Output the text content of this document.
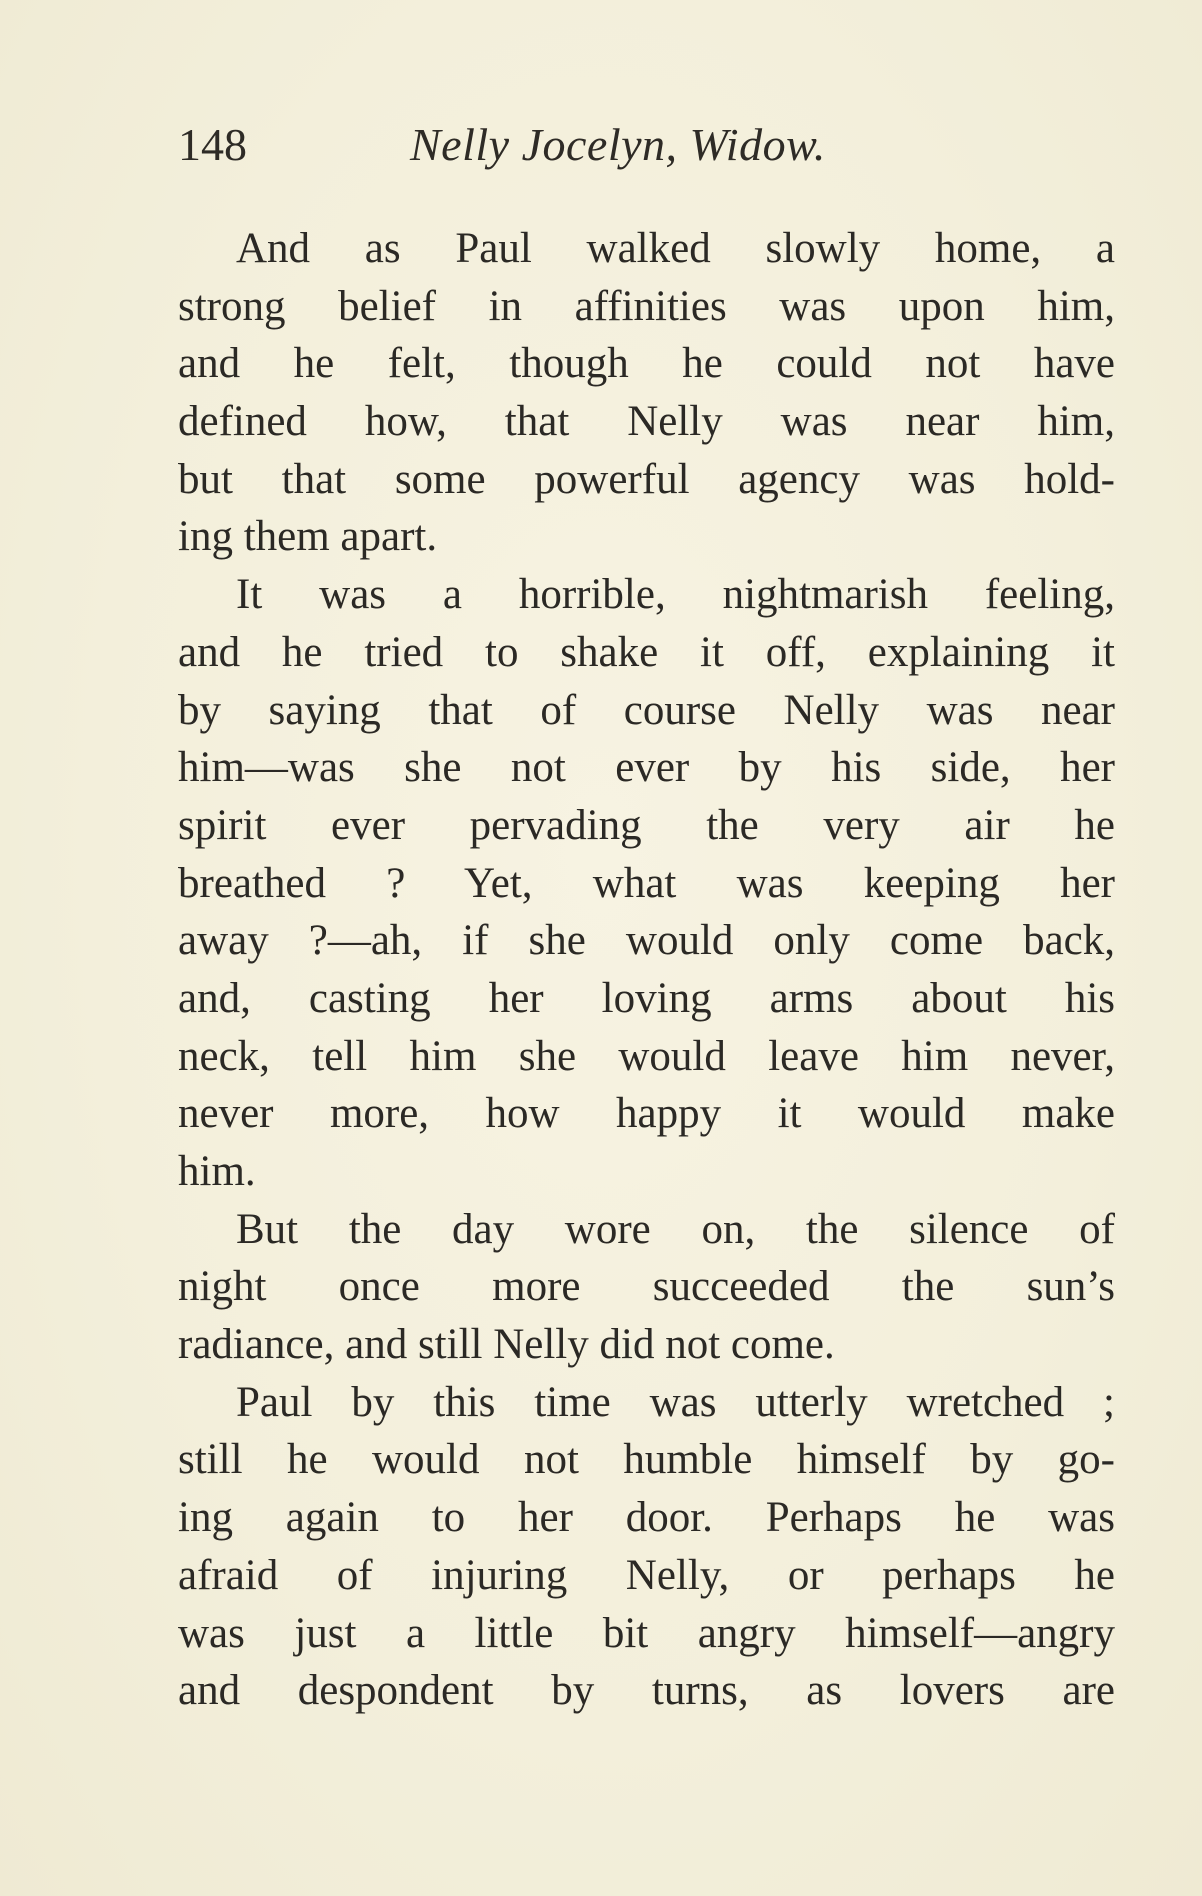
148	Nelly Jocelyn, Widow.
And as Paul walked slowly home, a
strong belief in affinities was upon him,
and he felt, though he could not have
defined how, that Nelly was near him,
but that some powerful agency was hold-
ing them apart.
It was a horrible, nightmarish feeling,
and he tried to shake it off, explaining it
by saying that of course Nelly was near
him—was she not ever by his side, her
spirit ever pervading the very air he
breathed ? Yet, what was keeping her
away ?—ah, if she would only come back,
and, casting her loving arms about his
neck, tell him she would leave him never,
never more, how happy it would make
him.
But the day wore on, the silence of
night once more succeeded the sun’s
radiance, and still Nelly did not come.
Paul by this time was utterly wretched ;
still he would not humble himself by go-
ing again to her door. Perhaps he was
afraid of injuring Nelly, or perhaps he
was just a little bit angry himself—angry
and despondent by turns, as lovers are
